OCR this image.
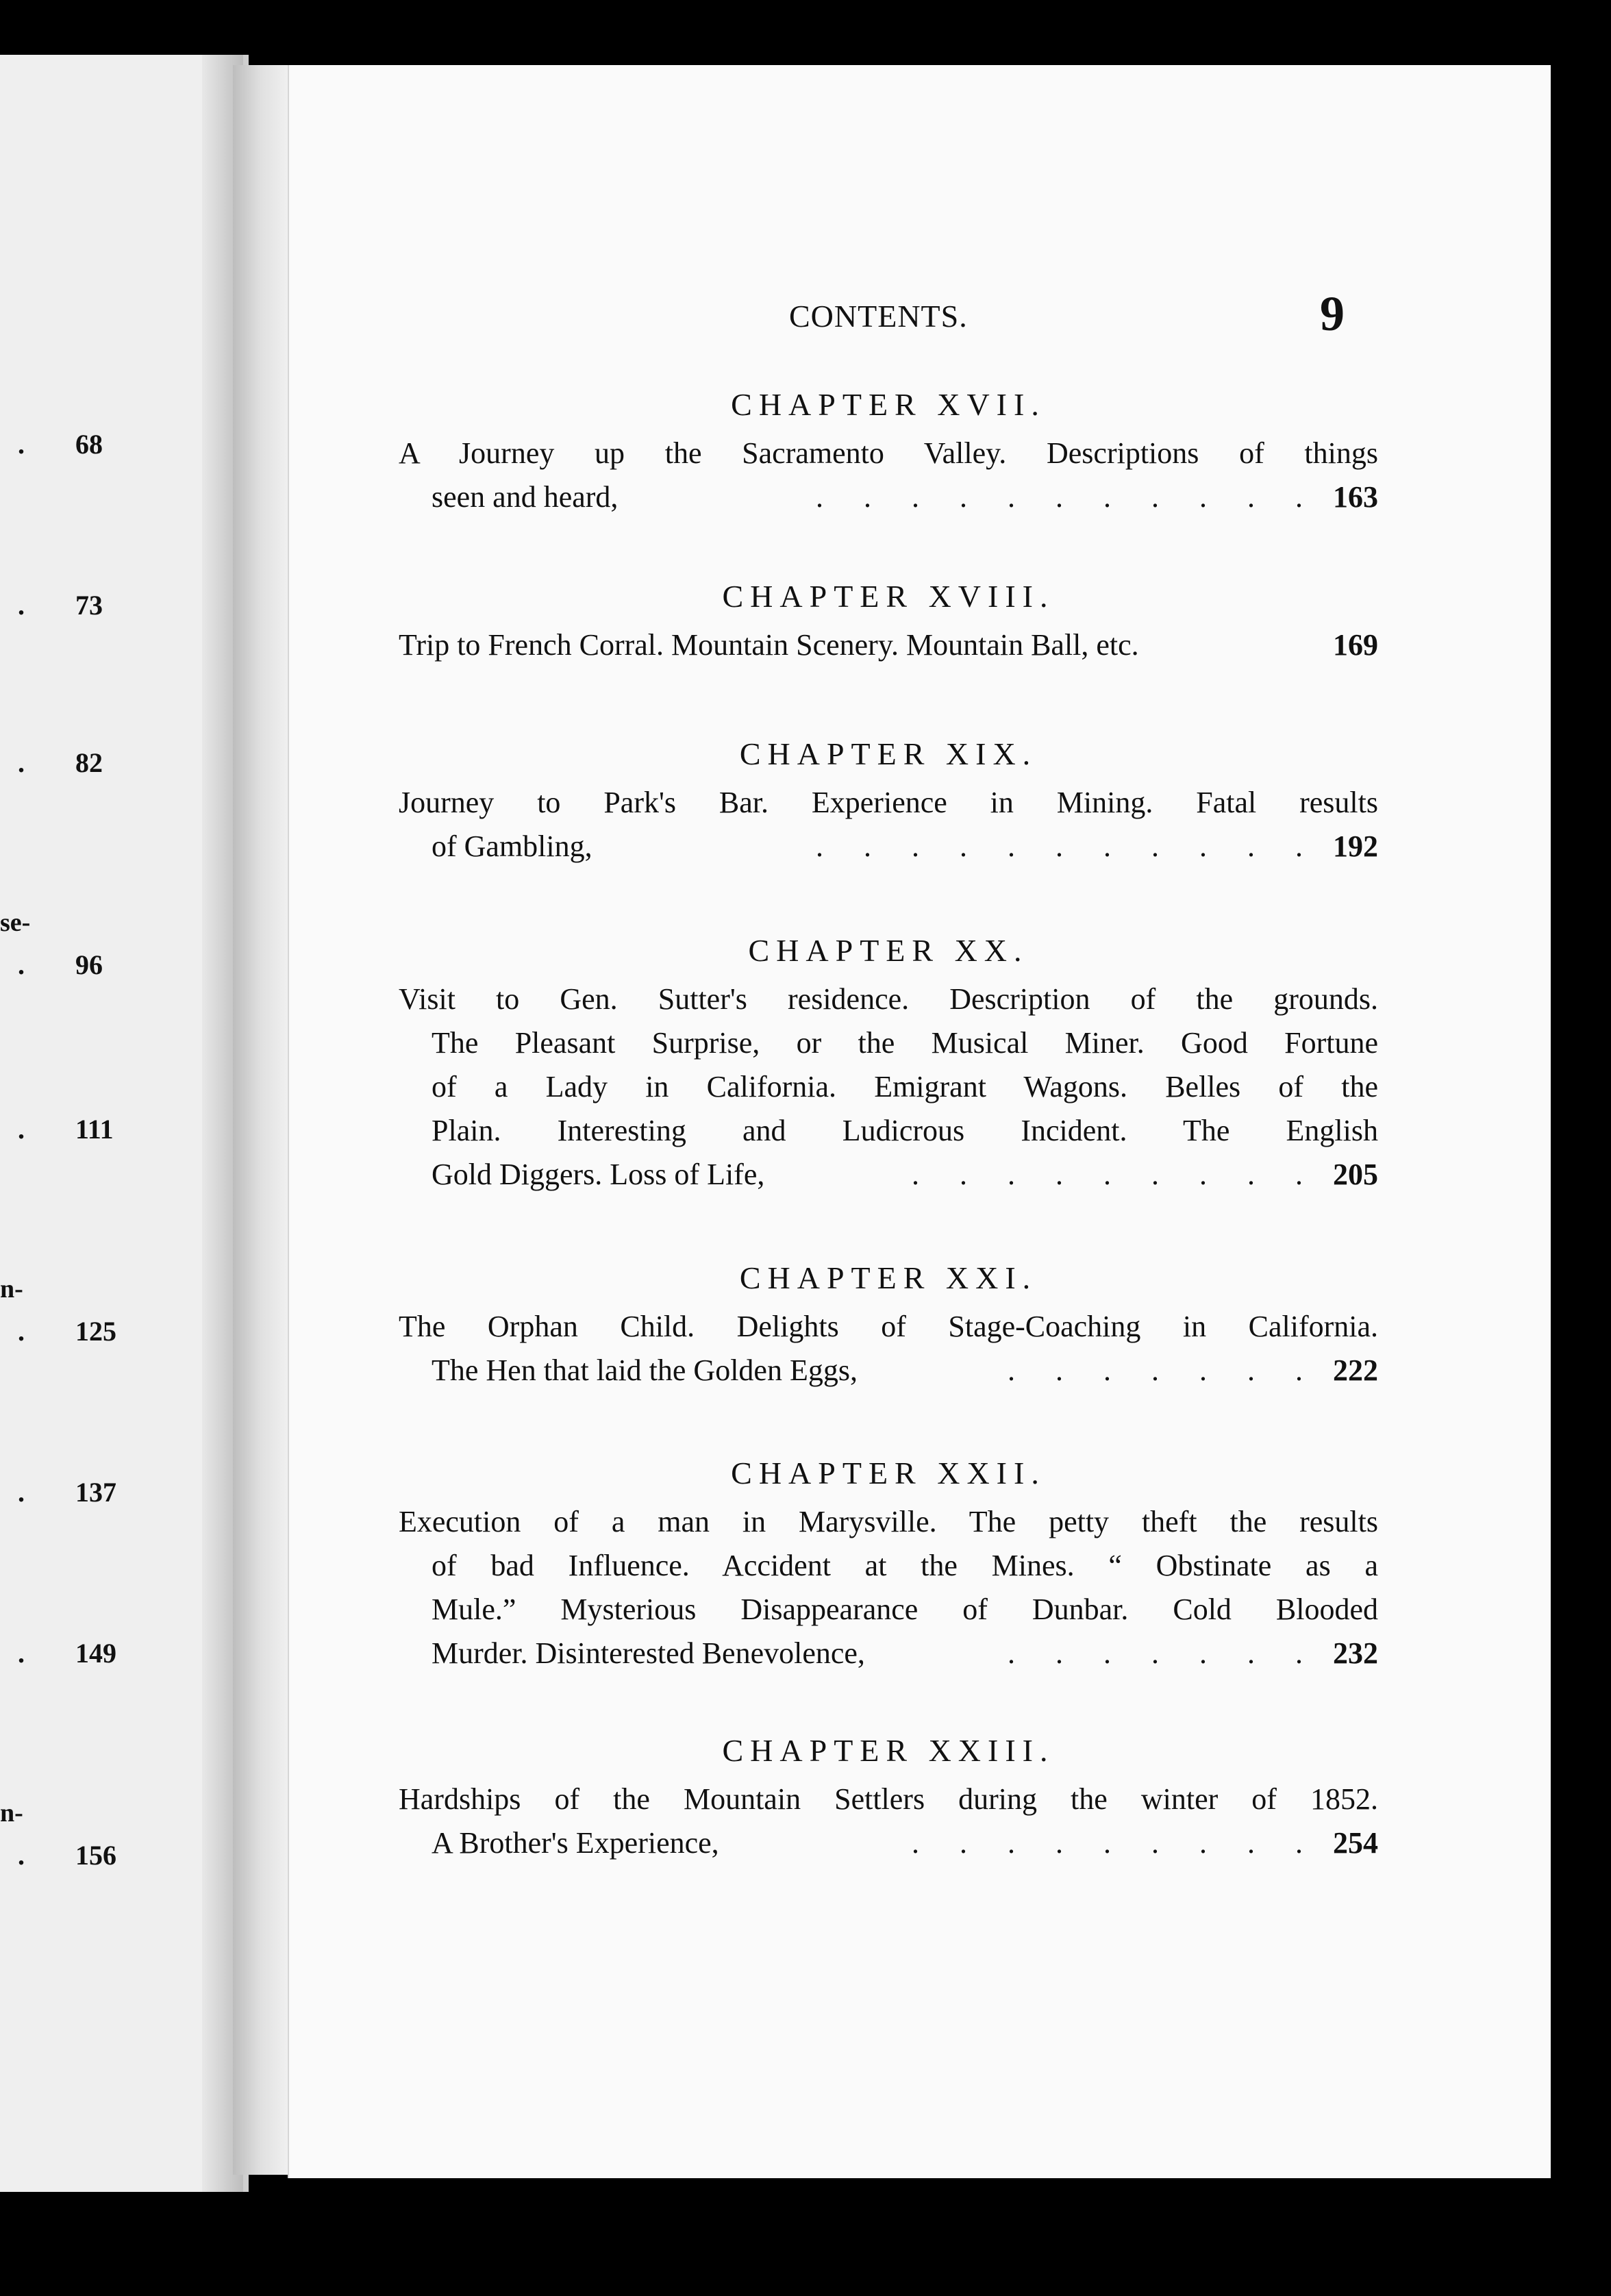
. 68
. 73
. 82
se-
. 96
. 111
n-
. 125
. 137
. 149
n-
. 156
CONTENTS.	9
CHAPTER XVII.
A Journey up the Sacramento Valley. Descriptions of things
seen and heard,	. . . . . . . . . . . 163
CHAPTER XVIII.
Trip to French Corral. Mountain Scenery. Mountain Ball, etc.	169
CHAPTER XIX.
Journey to Park's Bar. Experience in Mining. Fatal results
of Gambling,	. . . . . . . . . . . 192
CHAPTER XX.
Visit to Gen. Sutter's residence. Description of the grounds.
The Pleasant Surprise, or the Musical Miner. Good Fortune
of a Lady in California. Emigrant Wagons. Belles of the
Plain. Interesting and Ludicrous Incident. The English
Gold Diggers. Loss of Life,	. . . . . . . . . 205
CHAPTER XXI.
The Orphan Child. Delights of Stage-Coaching in California.
The Hen that laid the Golden Eggs,	. . . . . . . 222
CHAPTER XXII.
Execution of a man in Marysville. The petty theft the results
of bad Influence. Accident at the Mines. “ Obstinate as a
Mule.” Mysterious Disappearance of Dunbar. Cold Blooded
Murder. Disinterested Benevolence,	. . . . . . . 232
CHAPTER XXIII.
Hardships of the Mountain Settlers during the winter of 1852.
A Brother's Experience,	. . . . . . . . . 254
